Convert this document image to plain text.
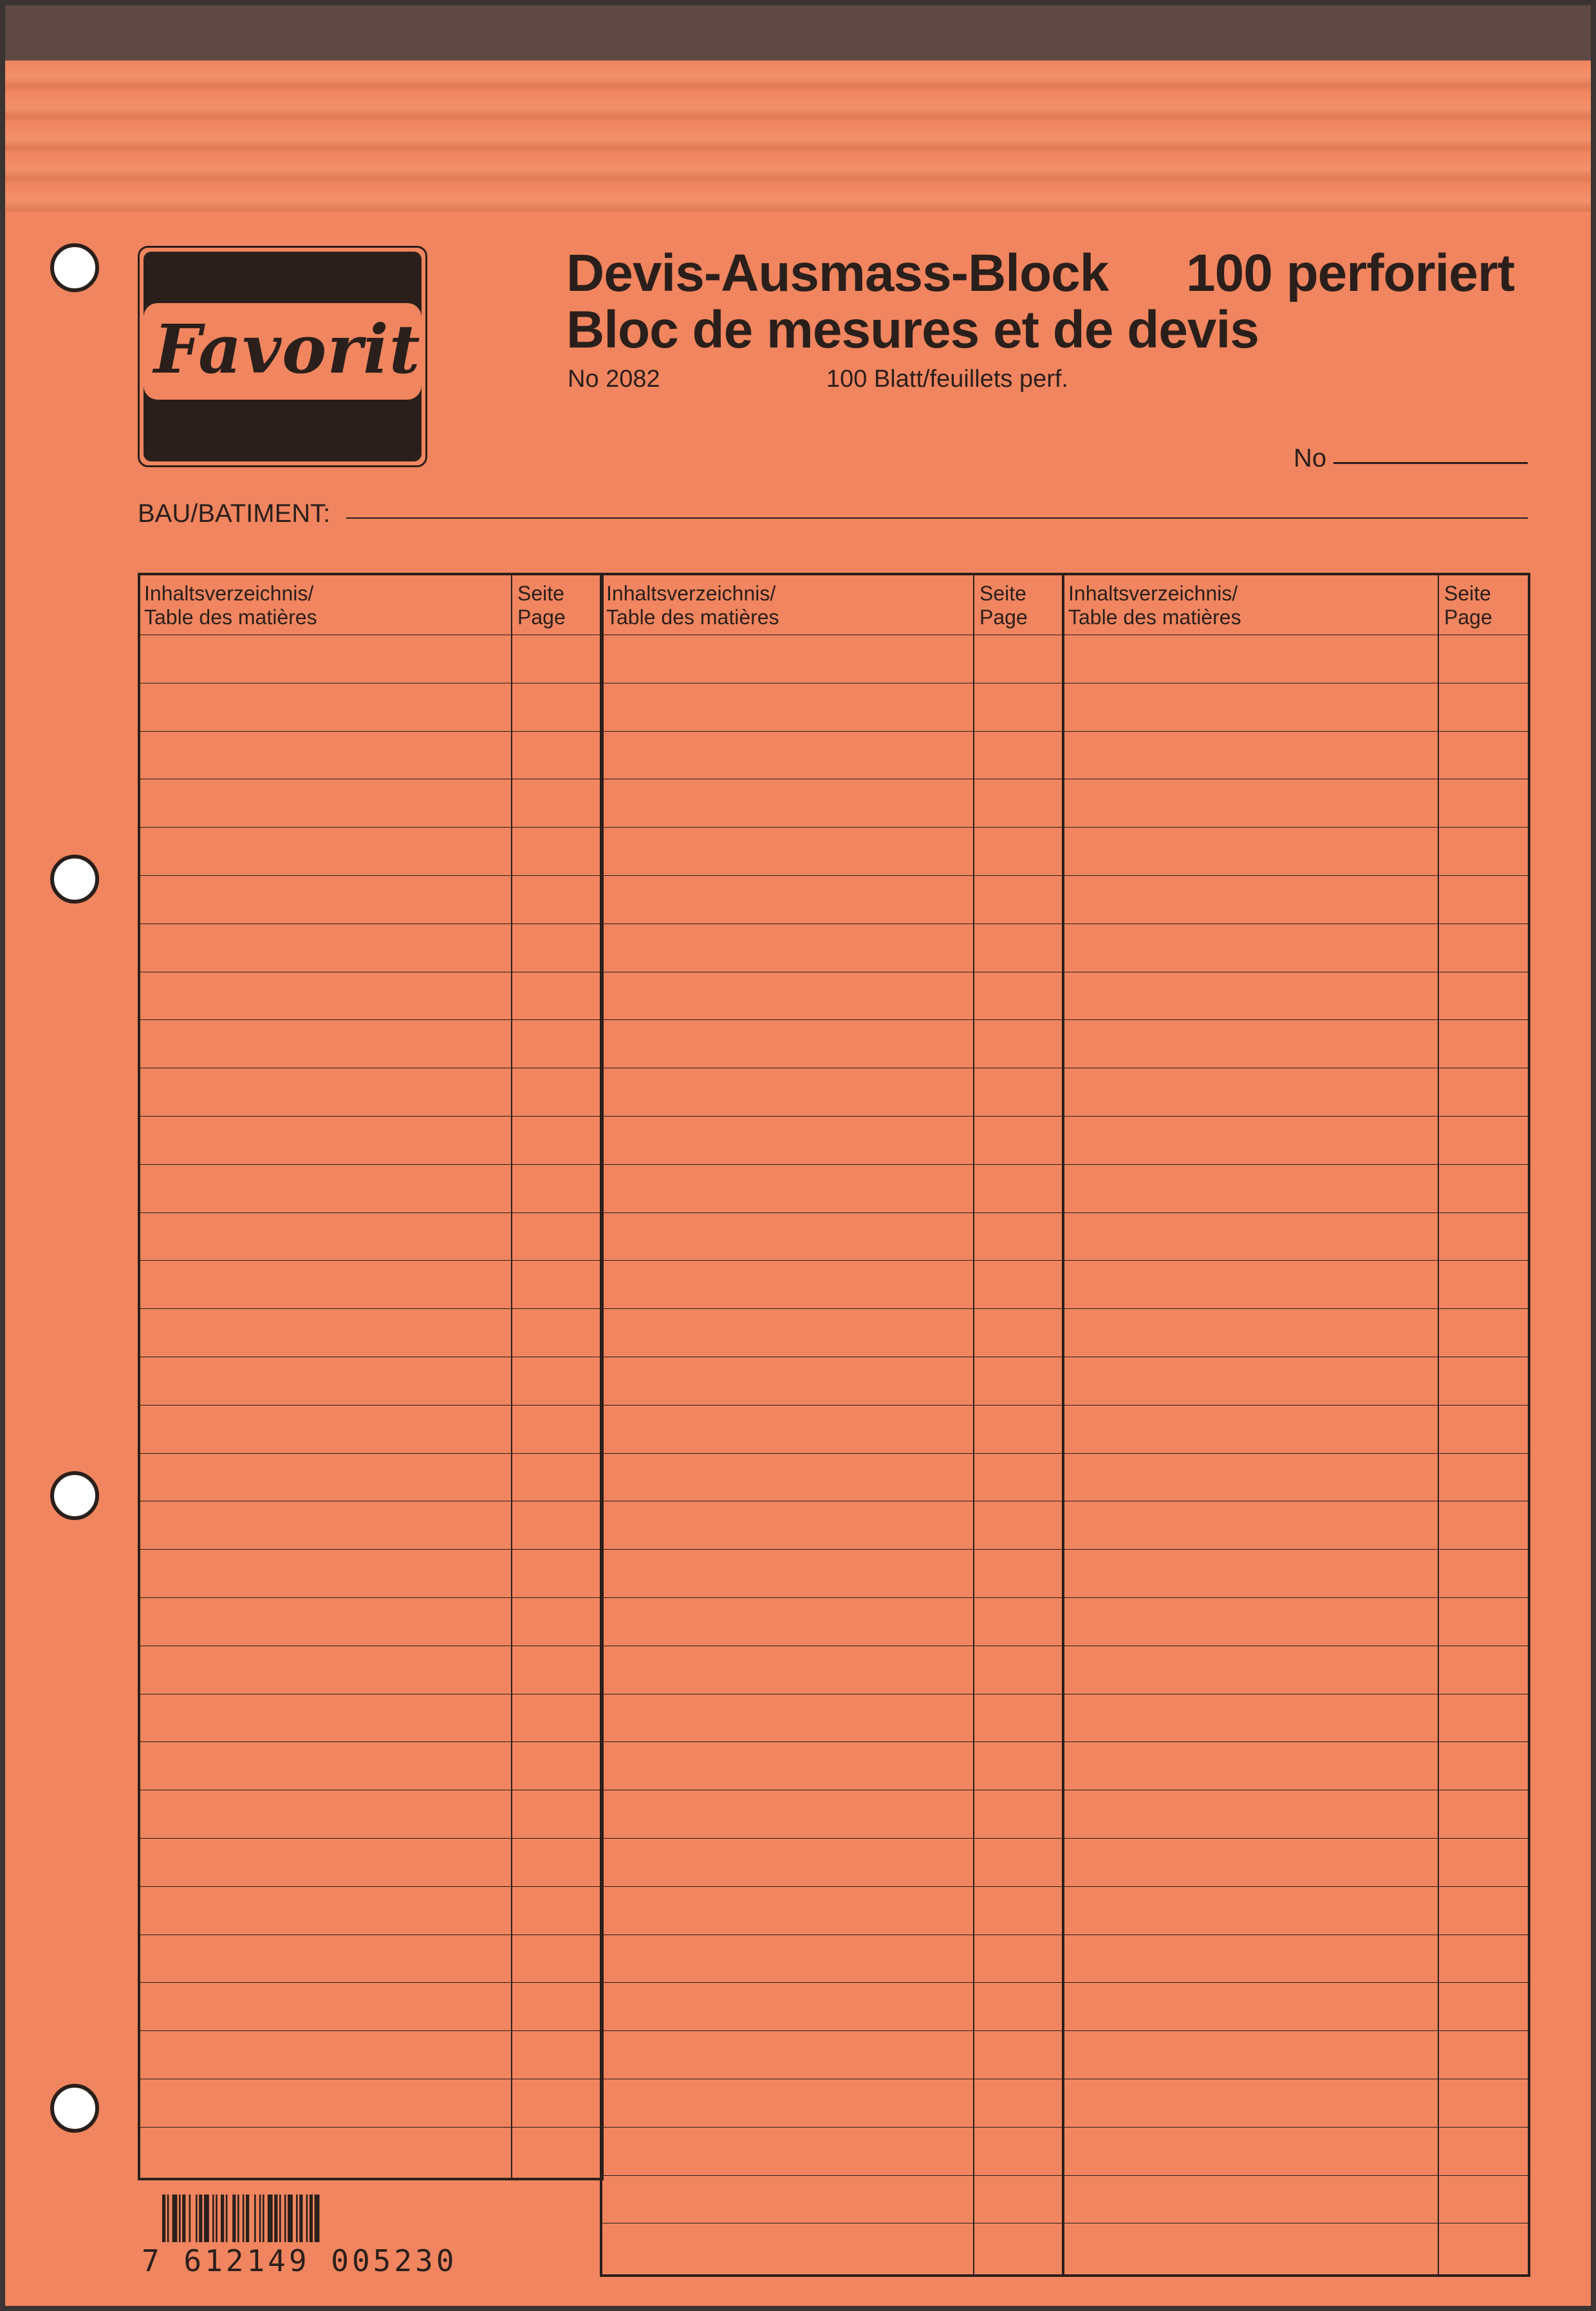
Favorit
Devis-Ausmass-Block 100 perforiert
Bloc de mesures et de devis
No 2082	100 Blatt/feuillets perf.
No
BAU/BATIMENT:
Inhaltsverzeichnis/
Table des matières
Seite
Page
Inhaltsverzeichnis/
Table des matières
Seite
Page
Inhaltsverzeichnis/
Table des matières
Seite
Page
7 612149 005230
